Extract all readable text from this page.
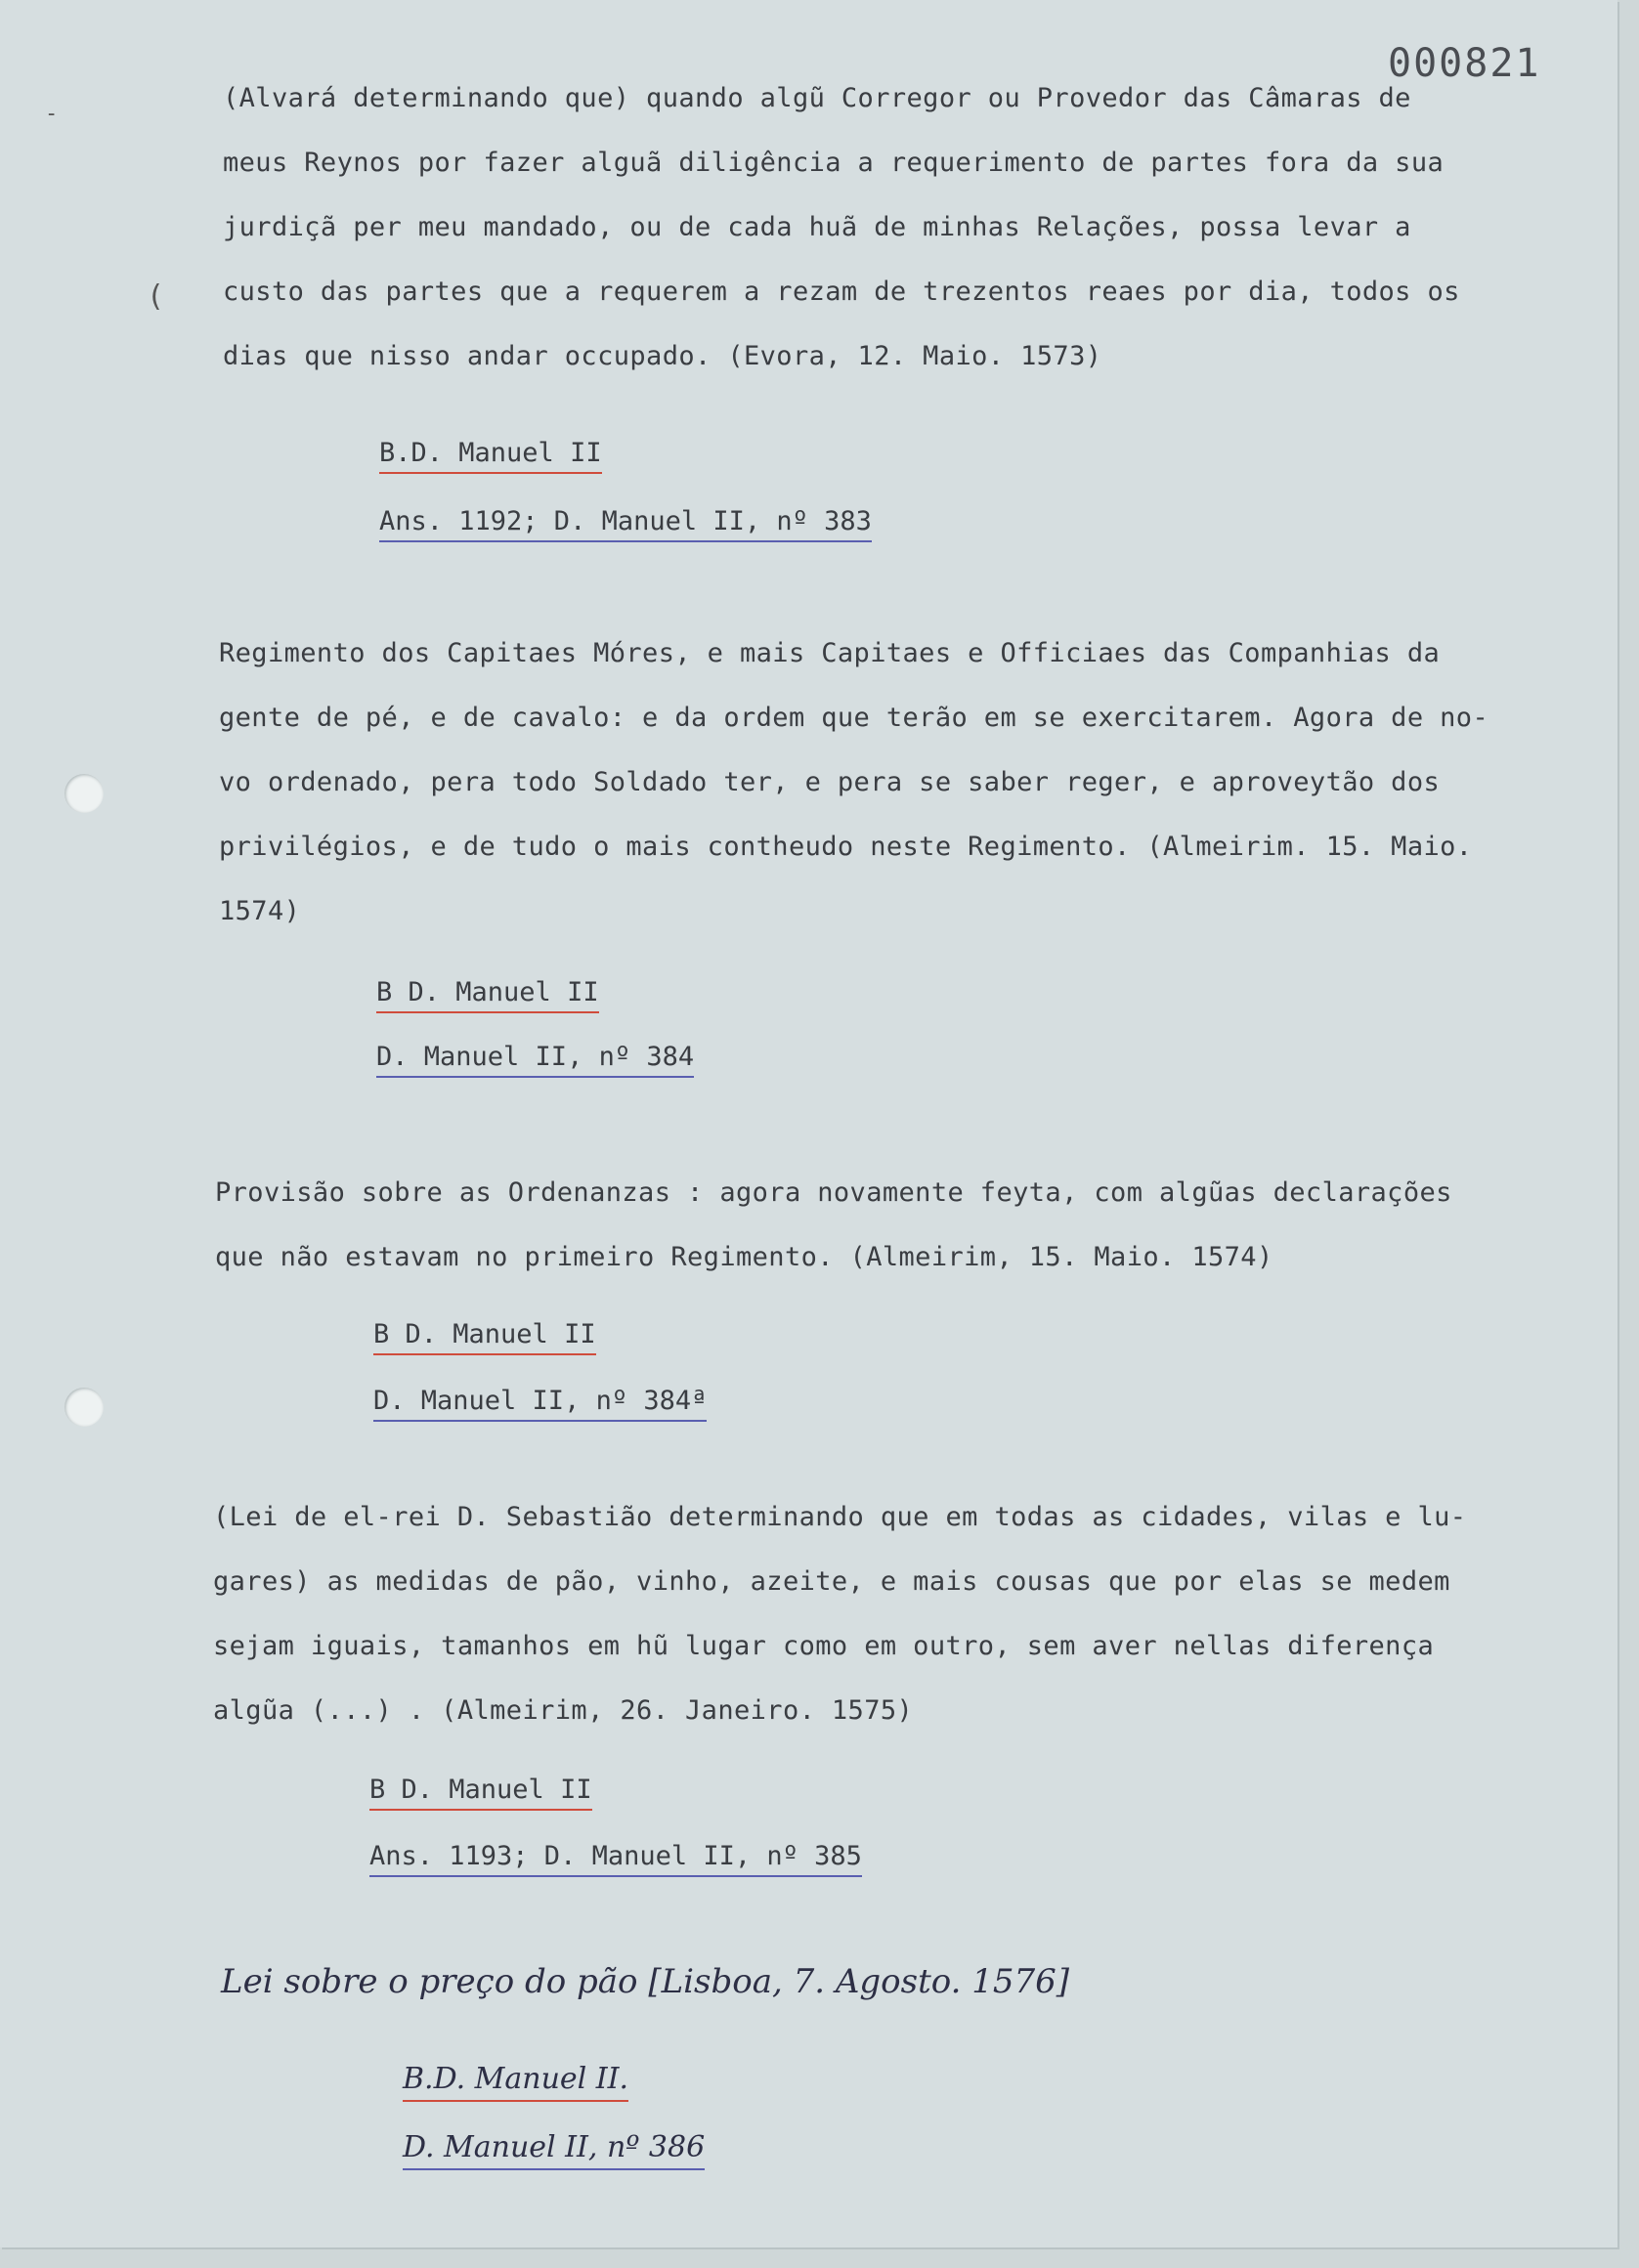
‑
(
000821

(Alvará determinando que) quando algũ Corregor ou Provedor das Câmaras de
meus Reynos por fazer alguã diligência a requerimento de partes fora da sua
jurdiçã per meu mandado, ou de cada huã de minhas Relações, possa levar a
custo das partes que a requerem a rezam de trezentos reaes por dia, todos os
dias que nisso andar occupado. (Evora, 12. Maio. 1573)

B.D. Manuel II
Ans. 1192; D. Manuel II, nº 383

Regimento dos Capitaes Móres, e mais Capitaes e Officiaes das Companhias da
gente de pé, e de cavalo: e da ordem que terão em se exercitarem. Agora de no-
vo ordenado, pera todo Soldado ter, e pera se saber reger, e aproveytão dos
privilégios, e de tudo o mais contheudo neste Regimento. (Almeirim. 15. Maio.
1574)

B D. Manuel II
D. Manuel II, nº 384

Provisão sobre as Ordenanzas : agora novamente feyta, com algũas declarações
que não estavam no primeiro Regimento. (Almeirim, 15. Maio. 1574)

B D. Manuel II
D. Manuel II, nº 384ª

(Lei de el-rei D. Sebastião determinando que em todas as cidades, vilas e lu-
gares) as medidas de pão, vinho, azeite, e mais cousas que por elas se medem
sejam iguais, tamanhos em hũ lugar como em outro, sem aver nellas diferença
algũa (...) . (Almeirim, 26. Janeiro. 1575)

B D. Manuel II
Ans. 1193; D. Manuel II, nº 385
Lei sobre o preço do pão [Lisboa, 7. Agosto. 1576]
B.D. Manuel II.
D. Manuel II, nº 386
